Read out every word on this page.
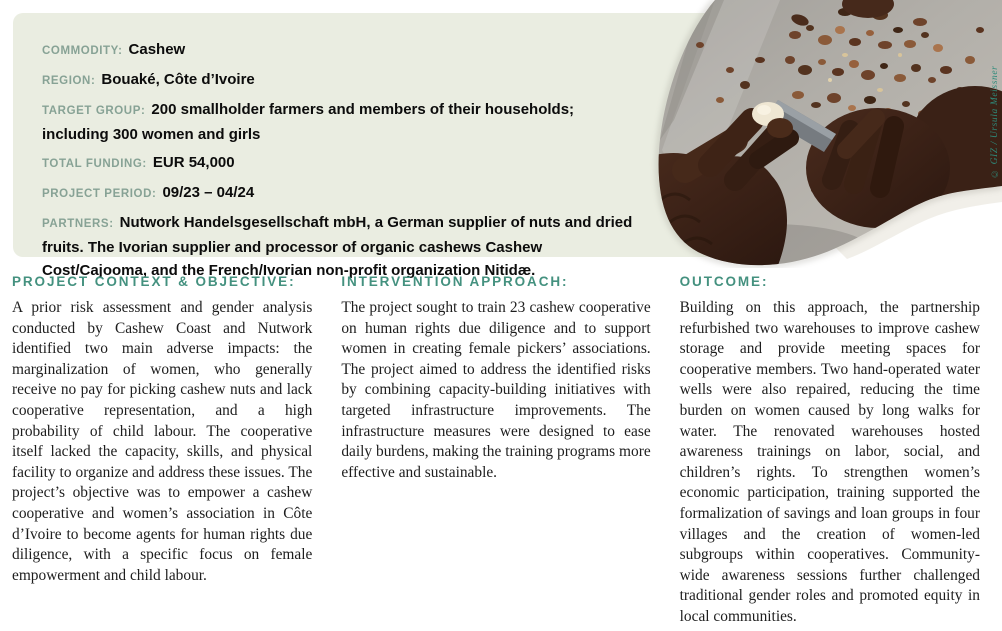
COMMODITY: Cashew
REGION: Bouaké, Côte d’Ivoire
TARGET GROUP: 200 smallholder farmers and members of their households; including 300 women and girls
TOTAL FUNDING: EUR 54,000
PROJECT PERIOD: 09/23 – 04/24
PARTNERS: Nutwork Handelsgesellschaft mbH, a German supplier of nuts and dried fruits. The Ivorian supplier and processor of organic cashews Cashew Cost/Cajooma, and the French/Ivorian non-profit organization Nitidæ.
© GIZ / Ursula Meissner
PROJECT CONTEXT & OBJECTIVE:

A prior risk assessment and gender analysis conducted by Cashew Coast and Nutwork identified two main adverse impacts: the marginalization of women, who generally receive no pay for picking cashew nuts and lack cooperative representation, and a high probability of child labour. The cooperative itself lacked the capacity, skills, and physical facility to organize and address these issues. The project’s objective was to empower a cashew cooperative and women’s association in Côte d’Ivoire to become agents for human rights due diligence, with a specific focus on female empowerment and child labour.

INTERVENTION APPROACH:

The project sought to train 23 cashew cooperative on human rights due diligence and to support women in creating female pickers’ associations. The project aimed to address the identified risks by combining capacity-building initiatives with targeted infrastructure improvements. The infrastructure measures were designed to ease daily burdens, making the training programs more effective and sustainable.

OUTCOME:

Building on this approach, the partnership refurbished two warehouses to improve cashew storage and provide meeting spaces for cooperative members. Two hand-operated water wells were also repaired, reducing the time burden on women caused by long walks for water. The renovated warehouses hosted awareness trainings on labor, social, and children’s rights. To strengthen women’s economic participation, training supported the formalization of savings and loan groups in four villages and the creation of women-led subgroups within cooperatives. Community-wide awareness sessions further challenged traditional gender roles and promoted equity in local communities.
